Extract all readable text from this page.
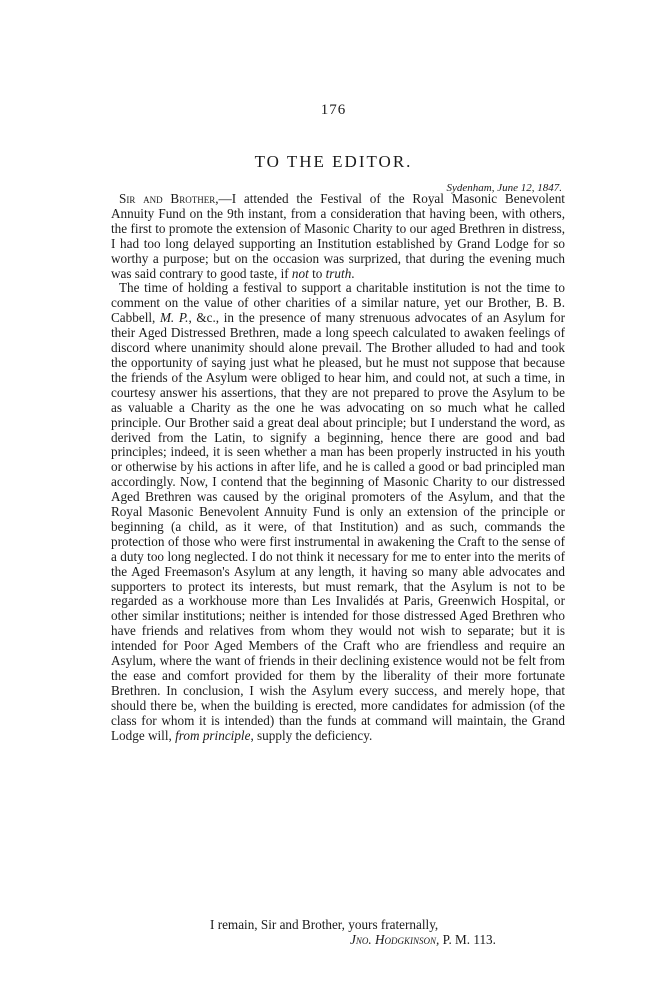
176
TO THE EDITOR.
Sydenham, June 12, 1847.

Sir and Brother,—I attended the Festival of the Royal Masonic Benevolent Annuity Fund on the 9th instant, from a consideration that having been, with others, the first to promote the extension of Masonic Charity to our aged Brethren in distress, I had too long delayed supporting an Institution established by Grand Lodge for so worthy a purpose; but on the occasion was surprized, that during the evening much was said contrary to good taste, if not to truth.

The time of holding a festival to support a charitable institution is not the time to comment on the value of other charities of a similar nature, yet our Brother, B. B. Cabbell, M. P., &c., in the presence of many strenuous advocates of an Asylum for their Aged Distressed Brethren, made a long speech calculated to awaken feelings of discord where unanimity should alone prevail. The Brother alluded to had and took the opportunity of saying just what he pleased, but he must not suppose that because the friends of the Asylum were obliged to hear him, and could not, at such a time, in courtesy answer his assertions, that they are not prepared to prove the Asylum to be as valuable a Charity as the one he was advocating on so much what he called principle. Our Brother said a great deal about principle; but I understand the word, as derived from the Latin, to signify a beginning, hence there are good and bad principles; indeed, it is seen whether a man has been properly instructed in his youth or otherwise by his actions in after life, and he is called a good or bad principled man accordingly. Now, I contend that the beginning of Masonic Charity to our distressed Aged Brethren was caused by the original promoters of the Asylum, and that the Royal Masonic Benevolent Annuity Fund is only an extension of the principle or beginning (a child, as it were, of that Institution) and as such, commands the protection of those who were first instrumental in awakening the Craft to the sense of a duty too long neglected. I do not think it necessary for me to enter into the merits of the Aged Freemason's Asylum at any length, it having so many able advocates and supporters to protect its interests, but must remark, that the Asylum is not to be regarded as a workhouse more than Les Invalidés at Paris, Greenwich Hospital, or other similar institutions; neither is intended for those distressed Aged Brethren who have friends and relatives from whom they would not wish to separate; but it is intended for Poor Aged Members of the Craft who are friendless and require an Asylum, where the want of friends in their declining existence would not be felt from the ease and comfort provided for them by the liberality of their more fortunate Brethren. In conclusion, I wish the Asylum every success, and merely hope, that should there be, when the building is erected, more candidates for admission (of the class for whom it is intended) than the funds at command will maintain, the Grand Lodge will, from principle, supply the deficiency.

I remain, Sir and Brother, yours fraternally,
Jno. Hodgkinson, P. M. 113.
